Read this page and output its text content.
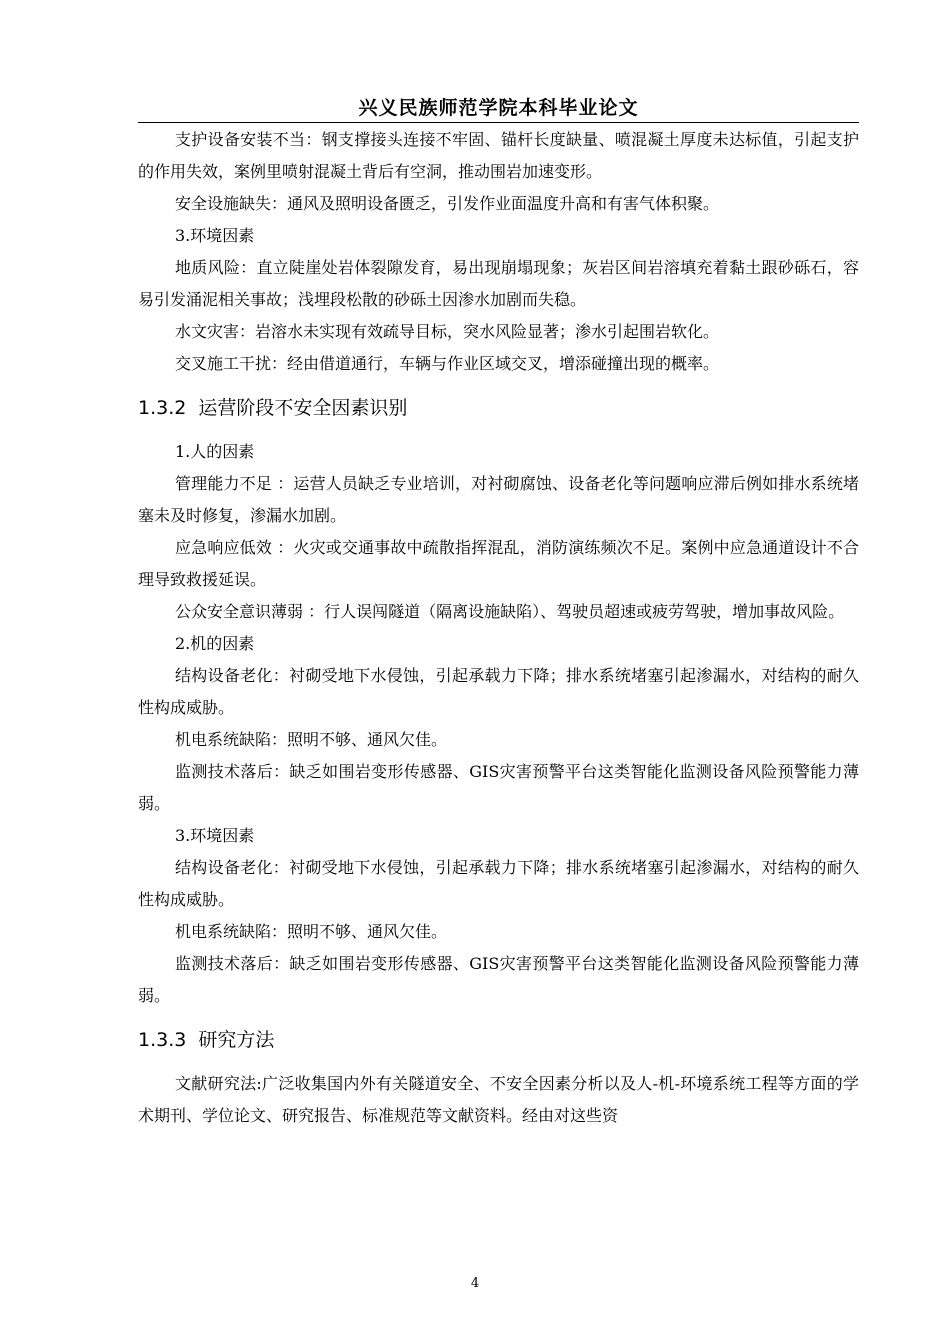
兴义民族师范学院本科毕业论文

支护设备安装不当：钢支撑接头连接不牢固、锚杆长度缺量、喷混凝土厚度未达标值，引起支护的作用失效，案例里喷射混凝土背后有空洞，推动围岩加速变形。

安全设施缺失：通风及照明设备匮乏，引发作业面温度升高和有害气体积聚。

3.环境因素

地质风险：直立陡崖处岩体裂隙发育，易出现崩塌现象；灰岩区间岩溶填充着黏土跟砂砾石，容易引发涌泥相关事故；浅埋段松散的砂砾土因渗水加剧而失稳。

水文灾害：岩溶水未实现有效疏导目标，突水风险显著；渗水引起围岩软化。

交叉施工干扰：经由借道通行，车辆与作业区域交叉，增添碰撞出现的概率。

1.3.2 运营阶段不安全因素识别

1.人的因素

管理能力不足 ：运营人员缺乏专业培训，对衬砌腐蚀、设备老化等问题响应滞后例如排水系统堵塞未及时修复，渗漏水加剧。

应急响应低效 ：火灾或交通事故中疏散指挥混乱，消防演练频次不足。案例中应急通道设计不合理导致救援延误。

公众安全意识薄弱 ：行人误闯隧道（隔离设施缺陷）、驾驶员超速或疲劳驾驶，增加事故风险。

2.机的因素

结构设备老化：衬砌受地下水侵蚀，引起承载力下降；排水系统堵塞引起渗漏水，对结构的耐久性构成威胁。

机电系统缺陷：照明不够、通风欠佳。

监测技术落后：缺乏如围岩变形传感器、GIS灾害预警平台这类智能化监测设备风险预警能力薄弱。

3.环境因素

结构设备老化：衬砌受地下水侵蚀，引起承载力下降；排水系统堵塞引起渗漏水，对结构的耐久性构成威胁。

机电系统缺陷：照明不够、通风欠佳。

监测技术落后：缺乏如围岩变形传感器、GIS灾害预警平台这类智能化监测设备风险预警能力薄弱。

1.3.3 研究方法

文献研究法:广泛收集国内外有关隧道安全、不安全因素分析以及人-机-环境系统工程等方面的学术期刊、学位论文、研究报告、标准规范等文献资料。经由对这些资

4
